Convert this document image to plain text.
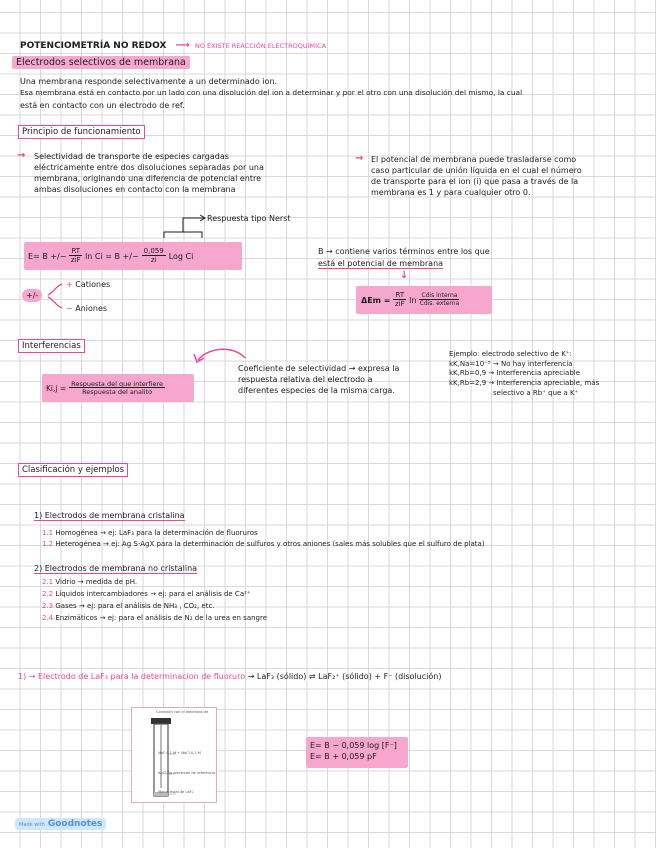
POTENCIOMETRÍA NO REDOX ⟶ NO EXISTE REACCIÓN ELECTROQUÍMICA
Electrodos selectivos de membrana
Una membrana responde selectivamente a un determinado ion.
Esa membrana está en contacto por un lado con una disolución del ion a determinar y por el otro con una disolución del mismo, la cual
está en contacto con un electrodo de ref.
Principio de funcionamiento
→ Selectividad de transporte de especies cargadas
eléctricamente entre dos disoluciones separadas por una
membrana, originando una diferencia de potencial entre
ambas disoluciones en contacto con la membrana
→ El potencial de membrana puede trasladarse como
caso particular de unión líquida en el cual el número
de transporte para el ion (i) que pasa a través de la
membrana es 1 y para cualquier otro 0.
Respuesta tipo Nerst
E= B +/− $\frac{RT}{\text{ziF}}$ ln Ci = B +/− $\frac{0,059}{zi}$ Log Ci
+/-
+ Cationes
− Aniones
B → contiene varios términos entre los que
está el potencial de membrana
↓
$\Delta Em = \frac{RT}{\text{ziF}}$ $\ln \frac{\text{Cdis interna}}{\text{Cdis. externa}}$
Interferencias
$Ki,j = \frac{\text{Respuesta del que interfiere}}{\text{Respuesta del analito}}$
Coeficiente de selectividad → expresa la
respuesta relativa del electrodo a
diferentes especies de la misma carga.
Ejemplo: electrodo selectivo de K⁺:
kK,Na=10⁻⁵ → No hay interferencia
kK,Rb=0,9 → Interferencia apreciable
kK,Rb=2,9 → Interferencia apreciable, más
selectivo a Rb⁺ que a K⁺
Clasificación y ejemplos
1) Electrodos de membrana cristalina
1.1 Homogénea → ej: LaF₃ para la determinación de fluoruros
1.2 Heterogénea → ej: Ag S-AgX para la determinación de sulfuros y otros aniones (sales más solubles que el sulfuro de plata)
2) Electrodos de membrana no cristalina
2.1 Vidrio → medida de pH.
2.2 Líquidos intercambiadores → ej: para el análisis de Ca²⁺
2.3 Gases → ej: para el análisis de NH₃ , CO₂, etc.
2.4 Enzimáticos → ej: para el análisis de N₂ de la urea en sangre
1) → Electrodo de LaF₃ para la determinacion de fluoruro → LaF₃ (sólido) ⇌ LaF₂⁺ (sólido) + F⁻ (disolución)
Conexión con el electrodo de
NaF 0,1 M + NaCl 0,1 M
AgCl/Ag electrodo de referencia
Monocristal de LaF₃
E= B − 0,059 log [F⁻]
E= B + 0,059 pF
Made with Goodnotes
